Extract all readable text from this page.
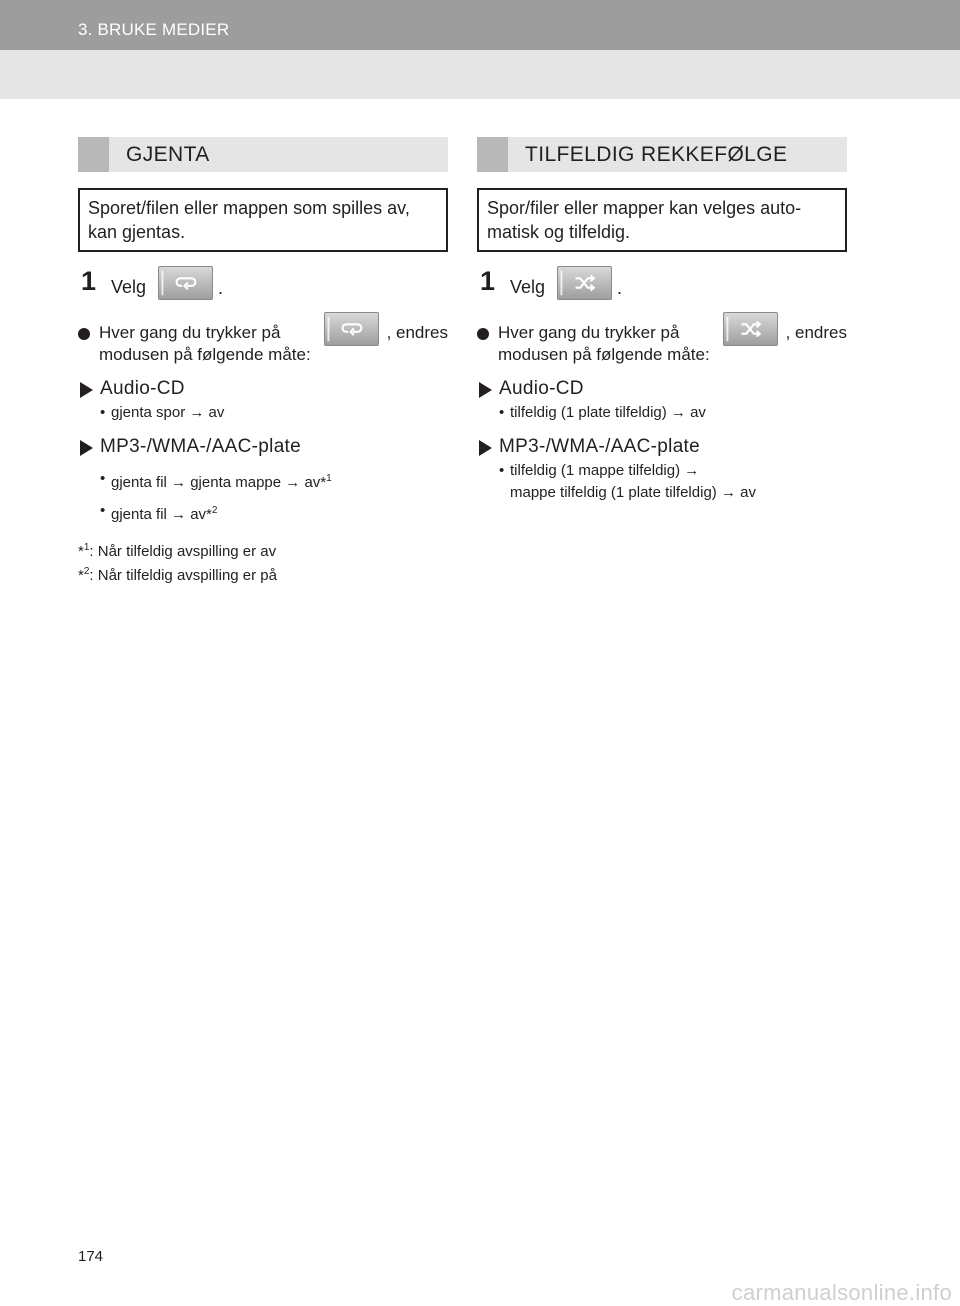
3. BRUKE MEDIER
GJENTA
Sporet/filen eller mappen som spilles av, kan gjentas.
1 Velg	.
Hver gang du trykker på	, endres
modusen på følgende måte:
Audio-CD
• gjenta spor → av
MP3-/WMA-/AAC-plate
• gjenta fil → gjenta mappe → av*$^1$
• gjenta fil → av*$^2$
*$^1$: Når tilfeldig avspilling er av
*$^2$: Når tilfeldig avspilling er på
TILFELDIG REKKEFØLGE
Spor/filer eller mapper kan velges auto-matisk og tilfeldig.
1 Velg	.
Hver gang du trykker på	, endres
modusen på følgende måte:
Audio-CD
• tilfeldig (1 plate tilfeldig) → av
MP3-/WMA-/AAC-plate
• tilfeldig (1 mappe tilfeldig) →
mappe tilfeldig (1 plate tilfeldig) → av
174
carmanualsonline.info
